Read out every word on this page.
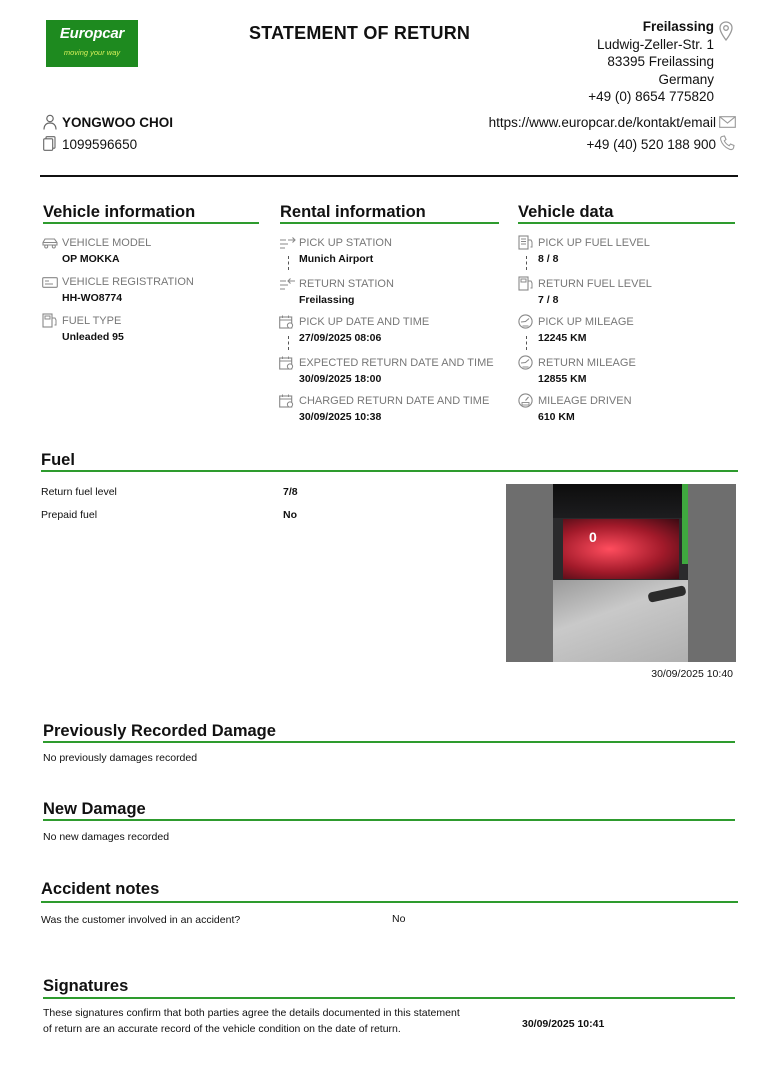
Europcar
moving your way
STATEMENT OF RETURN	Freilassing
Ludwig-Zeller-Str. 1
83395 Freilassing
Germany
+49 (0) 8654 775820
YONGWOO CHOI
1099596650
https://www.europcar.de/kontakt/email
+49 (40) 520 188 900
Vehicle information
VEHICLE MODEL
OP MOKKA
VEHICLE REGISTRATION
HH-WO8774
FUEL TYPE
Unleaded 95
Rental information
PICK UP STATION
Munich Airport
RETURN STATION
Freilassing
PICK UP DATE AND TIME
27/09/2025 08:06
EXPECTED RETURN DATE AND TIME
30/09/2025 18:00
CHARGED RETURN DATE AND TIME
30/09/2025 10:38
Vehicle data
PICK UP FUEL LEVEL
8 / 8
RETURN FUEL LEVEL
7 / 8
PICK UP MILEAGE
12245 KM
RETURN MILEAGE
12855 KM
MILEAGE DRIVEN
610 KM
Fuel
Return fuel level	7/8
Prepaid fuel	No
0
30/09/2025 10:40
Previously Recorded Damage
No previously damages recorded
New Damage
No new damages recorded
Accident notes
Was the customer involved in an accident?	No
Signatures
These signatures confirm that both parties agree the details documented in this statement
of return are an accurate record of the vehicle condition on the date of return.	30/09/2025 10:41
